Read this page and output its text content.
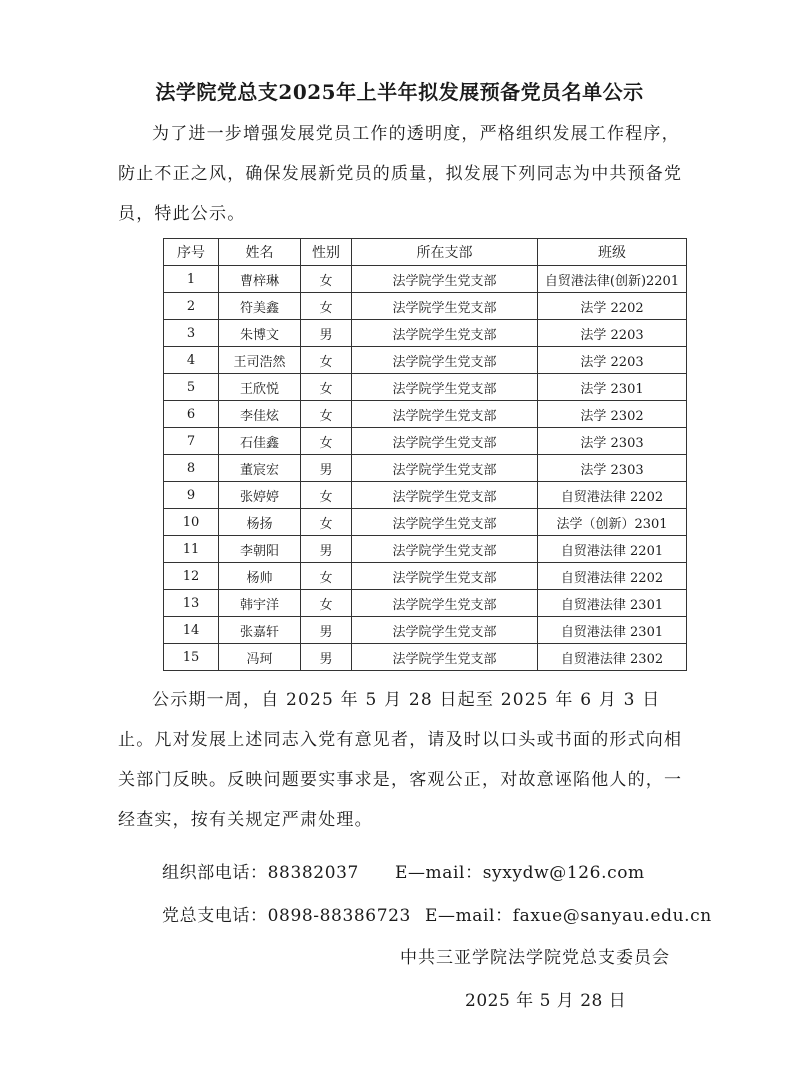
法学院党总支2025年上半年拟发展预备党员名单公示

为了进一步增强发展党员工作的透明度，严格组织发展工作程序，防止不正之风，确保发展新党员的质量，拟发展下列同志为中共预备党员，特此公示。

序号	姓名	性别	所在支部	班级
1	曹梓琳	女	法学院学生党支部	自贸港法律(创新)2201
2	符美鑫	女	法学院学生党支部	法学 2202
3	朱博文	男	法学院学生党支部	法学 2203
4	王司浩然	女	法学院学生党支部	法学 2203
5	王欣悦	女	法学院学生党支部	法学 2301
6	李佳炫	女	法学院学生党支部	法学 2302
7	石佳鑫	女	法学院学生党支部	法学 2303
8	董宸宏	男	法学院学生党支部	法学 2303
9	张婷婷	女	法学院学生党支部	自贸港法律 2202
10	杨扬	女	法学院学生党支部	法学（创新）2301
11	李朝阳	男	法学院学生党支部	自贸港法律 2201
12	杨帅	女	法学院学生党支部	自贸港法律 2202
13	韩宇洋	女	法学院学生党支部	自贸港法律 2301
14	张嘉轩	男	法学院学生党支部	自贸港法律 2301
15	冯珂	男	法学院学生党支部	自贸港法律 2302

公示期一周，自 2025 年 5 月 28 日起至 2025 年 6 月 3 日止。凡对发展上述同志入党有意见者，请及时以口头或书面的形式向相关部门反映。反映问题要实事求是，客观公正，对故意诬陷他人的，一经查实，按有关规定严肃处理。

组织部电话：88382037 E—mail：syxydw@126.com
党总支电话：0898-88386723 E—mail：faxue@sanyau.edu.cn
中共三亚学院法学院党总支委员会
2025 年 5 月 28 日
